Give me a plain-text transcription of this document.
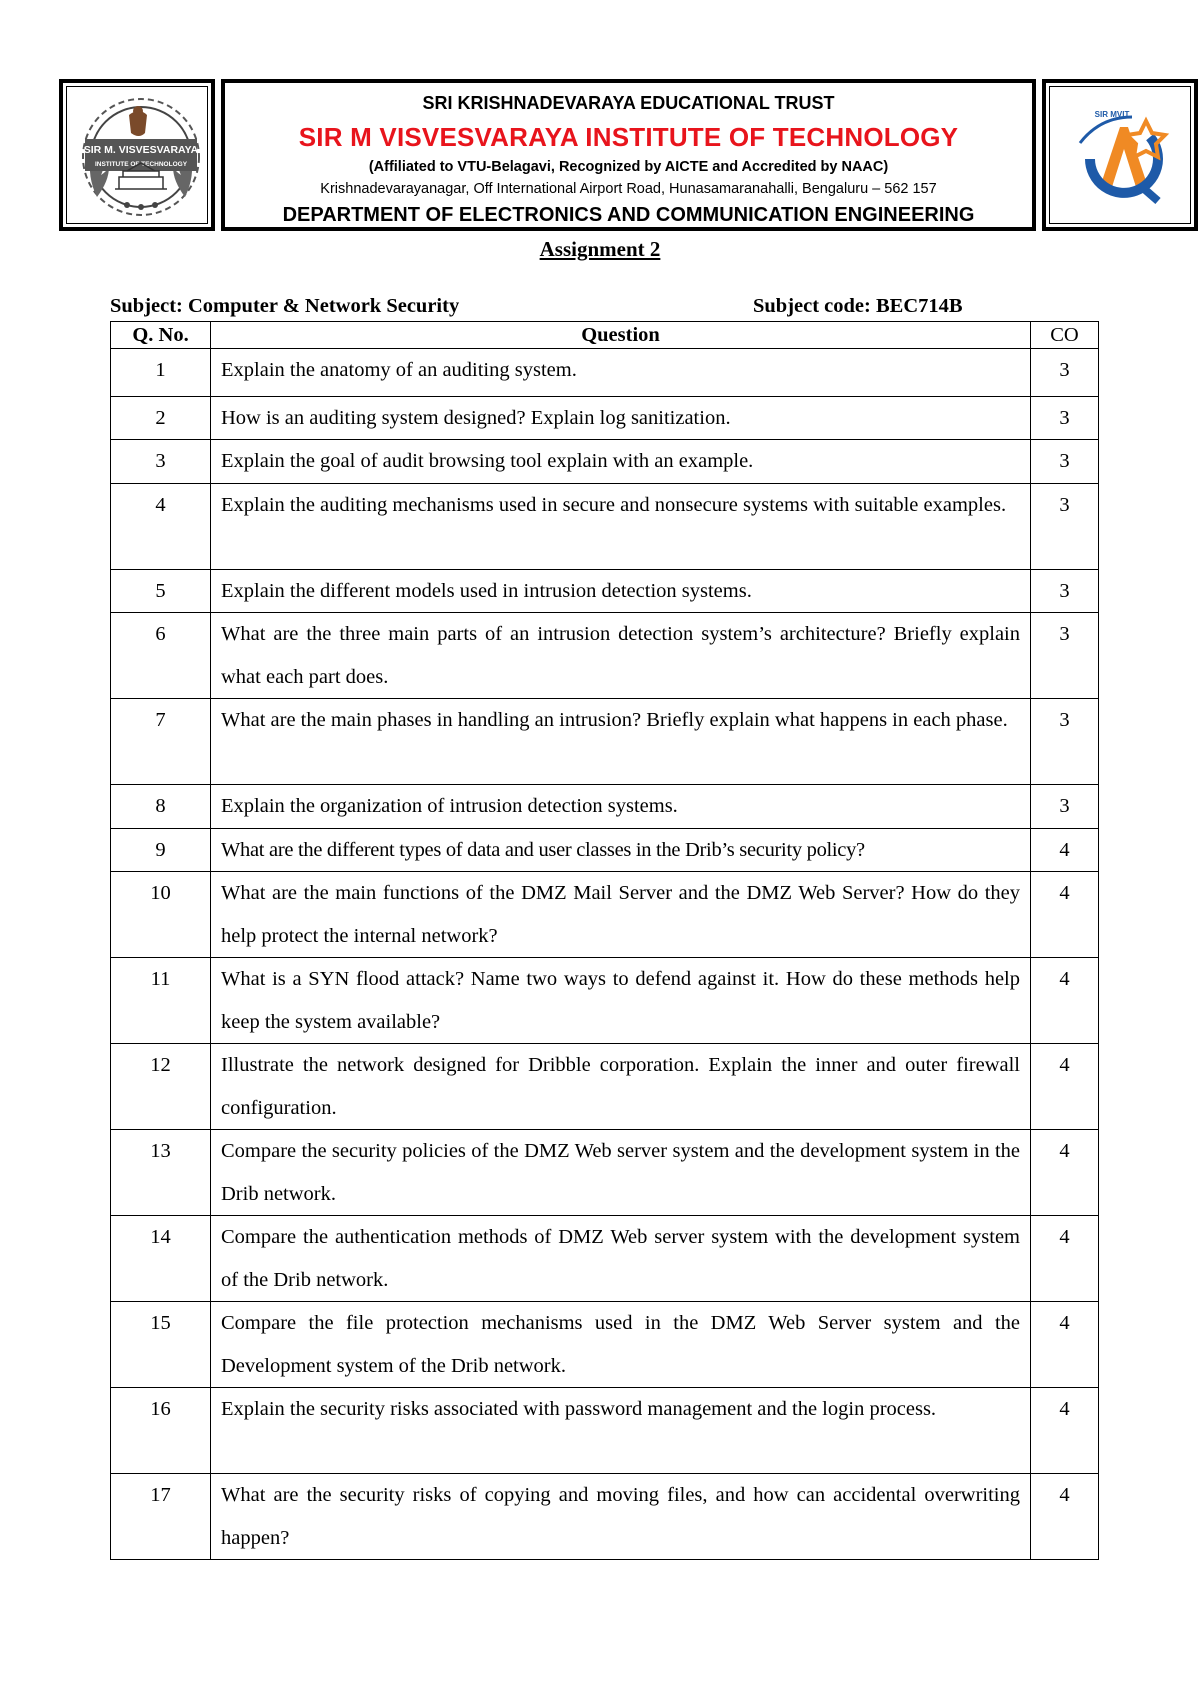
SIR M. VISVESVARAYA
INSTITUTE OF TECHNOLOGY
SRI KRISHNADEVARAYA EDUCATIONAL TRUST
SIR M VISVESVARAYA INSTITUTE OF TECHNOLOGY
(Affiliated to VTU-Belagavi, Recognized by AICTE and Accredited by NAAC)
Krishnadevarayanagar, Off International Airport Road, Hunasamaranahalli, Bengaluru – 562 157
DEPARTMENT OF ELECTRONICS AND COMMUNICATION ENGINEERING
SIR MVIT
Assignment 2
Subject: Computer & Network Security	Subject code: BEC714B
Q. No.	Question	CO
1	Explain the anatomy of an auditing system.	3
2	How is an auditing system designed? Explain log sanitization.	3
3	Explain the goal of audit browsing tool explain with an example.	3
4	Explain the auditing mechanisms used in secure and nonsecure systems with suitable examples.	3
5	Explain the different models used in intrusion detection systems.	3
6	What are the three main parts of an intrusion detection system’s architecture? Briefly explain what each part does.	3
7	What are the main phases in handling an intrusion? Briefly explain what happens in each phase.	3
8	Explain the organization of intrusion detection systems.	3
9	What are the different types of data and user classes in the Drib’s security policy?	4
10	What are the main functions of the DMZ Mail Server and the DMZ Web Server? How do they help protect the internal network?	4
11	What is a SYN flood attack? Name two ways to defend against it. How do these methods help keep the system available?	4
12	Illustrate the network designed for Dribble corporation. Explain the inner and outer firewall configuration.	4
13	Compare the security policies of the DMZ Web server system and the development system in the Drib network.	4
14	Compare the authentication methods of DMZ Web server system with the development system of the Drib network.	4
15	Compare the file protection mechanisms used in the DMZ Web Server system and the Development system of the Drib network.	4
16	Explain the security risks associated with password management and the login process.	4
17	What are the security risks of copying and moving files, and how can accidental overwriting happen?	4
